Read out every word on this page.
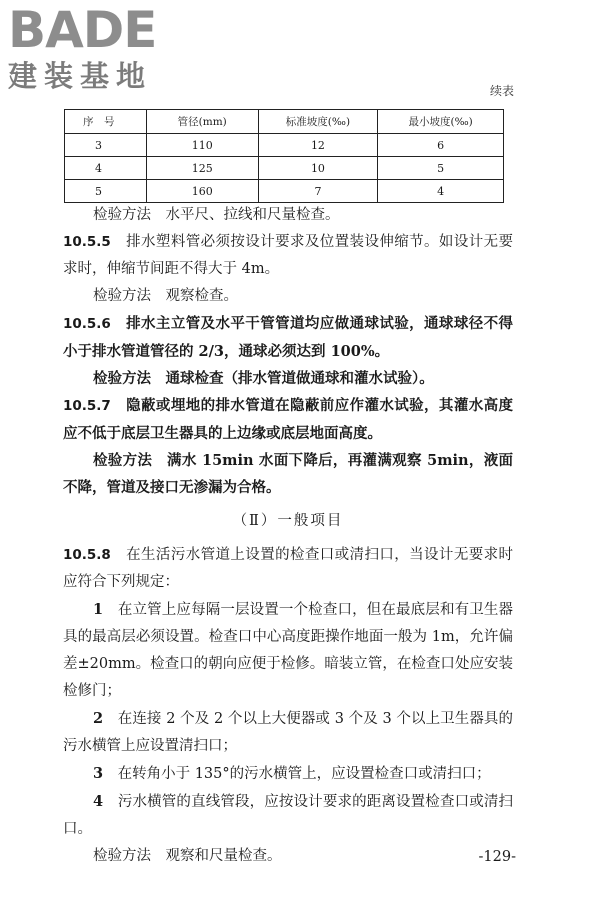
BADE
建装基地	续表
序　号	管径(mm)	标准坡度(‰)	最小坡度(‰)
3	110	12	6
4	125	10	5
5	160	7	4

检验方法　水平尺、拉线和尺量检查。

10.5.5　 排水塑料管必须按设计要求及位置装设伸缩节。如设计无要求时，伸缩节间距不得大于 4m。

检验方法　观察检查。

10.5.6　 排水主立管及水平干管管道均应做通球试验，通球球径不得小于排水管道管径的 2/3，通球必须达到 100%。

检验方法　通球检查（排水管道做通球和灌水试验）。

10.5.7　 隐蔽或埋地的排水管道在隐蔽前应作灌水试验，其灌水高度应不低于底层卫生器具的上边缘或底层地面高度。

检验方法　满水 15min 水面下降后，再灌满观察 5min，液面不降，管道及接口无渗漏为合格。

（Ⅱ）一般项目

10.5.8　 在生活污水管道上设置的检查口或清扫口，当设计无要求时应符合下列规定：

1　 在立管上应每隔一层设置一个检查口，但在最底层和有卫生器具的最高层必须设置。检查口中心高度距操作地面一般为 1m，允许偏差±20mm。检查口的朝向应便于检修。暗装立管，在检查口处应安装检修门；

2　 在连接 2 个及 2 个以上大便器或 3 个及 3 个以上卫生器具的污水横管上应设置清扫口；

3　 在转角小于 135°的污水横管上，应设置检查口或清扫口；

4　 污水横管的直线管段，应按设计要求的距离设置检查口或清扫口。

检验方法　观察和尺量检查。	-129-
